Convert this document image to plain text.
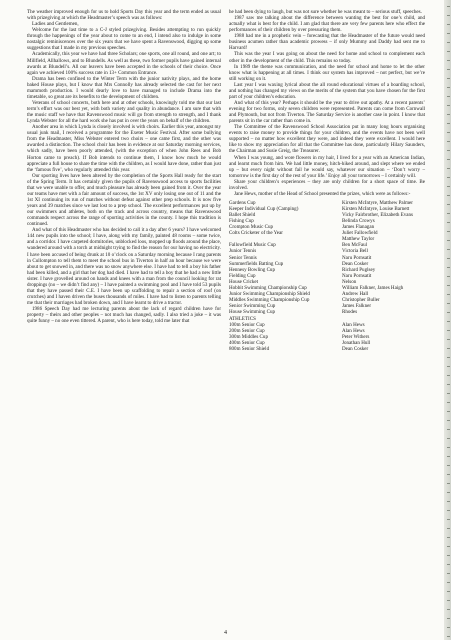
The weather improved enough for us to hold Sports Day this year and the term ended as usual with prizegiving at which the Headmaster’s speech was as follows:

Ladies and Gentlemen,

Welcome for the last time to a C-J styled prizegiving. Besides attempting to run quickly through the happenings of the year about to come to an end, I intend also to indulge in some nostalgic reminiscences over the six years that we have spent a Ravenswood, digging up some suggestions that I made in my previous speeches.

Academically, this year we have had three Scholars; one sports, one all round, and one art; to Millfield, Allhallows, and to Blundells. As well as these, two former pupils have gained internal awards at Blundell’s. All our leavers have been accepted in the schools of their choice. Once again we achieved 100% success rate in 13+ Common Entrance.

Drama has been confined to the Winter Term with the junior nativity plays, and the home baked House plays, but I know that Mrs Connolly has already selected the cast for her next mammoth production. I would dearly love to have managed to include Drama into the timetable, so great are its benefits to the development of children.

Veterans of school concerts, both here and at other schools, knowingly told me that our last term’s effort was our best yet, with both variety and quality in abundance. I am sure that with the music staff we have that Ravenswood music will go from strength to strength, and I thank Lynda Webster for all the hard work she has put in over the years on behalf of the children.

Another area in which Lynda is closely involved is with choirs. Earlier this year, amongst my usual junk mail, I received a programme for the Exeter Music Festival. After some bullying from the Headmaster, Miss Webster entered two choirs – one came first, and the other was awarded a distinction. The school choir has been in evidence at our Saturday morning services, which sadly, have been poorly attended, (with the exception of when John Rees and Bob Horton came to preach). If Bob intends to continue them, I know how much he would appreciate a full house to share the time with the children, as I would have done, rather than just the ‘famous five’, who regularly attended this year.

Our sporting lives have been altered by the completion of the Sports Hall ready for the start of the Spring Term. It has certainly given the pupils of Ravenswood access to sports facilities that we were unable to offer, and much pleasure has already been gained from it. Over the year our teams have met with a fair amount of success, the 1st XV only losing one out of 11 and the 1st XI continuing its run of matches without defeat against other prep schools. It is now five years and 39 matches since we last lost to a prep school. The excellent performances put up by our swimmers and athletes, both on the track and across country, means that Ravenswood commands respect across the range of sporting activities in the county. I hope this tradition is continued.

And what of this Headmaster who has decided to call it a day after 6 years? I have welcomed 144 new pupils into the school; I have, along with my family, painted 48 rooms – some twice, and a corridor. I have carpeted dormitories, unblocked loos, mopped up floods around the place, wandered around with a torch at midnight trying to find the reason for our having no electricity. I have been accused of being drunk at 10 o’clock on a Saturday morning because I rang parents in Cullompton to tell them to meet the school bus in Tiverton in half an hour because we were about to get snowed in, and there was no snow anywhere else. I have had to tell a boy his father had been killed, and a girl that her dog had died. I have had to tell a boy that he had a new little sister. I have grovelled around on hands and knees with a man from the council looking for rat droppings (no – we didn’t find any) – I have painted a swimming pool and I have told 53 pupils that they have passed their C.E. I have been up scaffolding to repair a section of roof (on crutches) and I haven driven the buses thousands of miles. I have had to listen to parents telling me that their marriages had broken down, and I have learnt to drive a tractor.

1986 Speech Day had me lecturing parents about the lack of regard children have for property – theirs and other peoples – not much has changed, sadly. I also tried a joke – it was quite funny – no one even tittered. A parent, who is here today, told me later that

he had been dying to laugh, but was not sure whether he was meant to – serious stuff, speeches.

1987 saw me talking about the difference between wanting the best for one’s child, and actually what is best for the child. I am glad that there are very few parents here who effect the performances of their children by over pressuring them.

1988 had me in a prophetic vein – forecasting that the Headmaster of the future would need business acumen rather than academic prowess – if only Mummy and Daddy had sent me to Harvard!

This was the year I was going on about the need for home and school to complement each other in the development of the child. This remains so today.

In 1989 the theme was communication, and the need for school and home to let the other know what is happening at all times. I think our system has improved – not perfect, but we’re still working on it.

Last year I was waxing lyrical about the all round educational virtues of a boarding school, and nothing has changed my views on the merits of the system that you have chosen for the first part of your children’s education.

And what of this year? Perhaps it should be the year to drive out apathy. At a recent parents’ evening for two forms, only seven children were represented. Parents can come from Cornwall and Plymouth, but not from Tiverton. The Saturday Service is another case in point. I know that parents sit in the car rather than come in.

The Committee of the Ravenswood School Association put in many long hours organising events to raise money to provide things for your children, and the events have not been well supported – no matter how excellent they were, and indeed they were excellent. I would here like to show my appreciation for all that the Committee has done, particularly Hilary Saunders, the Chairman and Susie Greig, the Treasurer.

When I was young, and wore flowers in my hair, I lived for a year with an American Indian, and learnt much from him. We had little money, hitch-hiked around, and slept where we ended up – but every night without fail he would say, whatever our situation – ‘Don’t worry – tomorrow is the first day of the rest of your life.’ Enjoy all your tomorrows – I certainly will.

Share your children’s experiences – they are only children for a short space of time. Be involved.

Jane Hews, mother of the Head of School presented the prizes, which were as follows:-

Gardens Cup	Kirsten McIntyre, Matthew Palmer
Keeper Individual Cup (Camping)	Kirsten McIntyre, Louise Barnett
Ballet Shield	Vicky Fairbrother, Elizabeth Evans
Fishing Cup	Belinda Crowys
Crompton Music Cup	James Flanagan
Colts Cricketer of the Year	Juliet Fallowfield
Matthew Taylor
Fallowfield Music Cup	Ben McFaul
Junior Tennis	Victoria Bell
Senior Tennis	Naru Pornsatit
Summerfields Batting Cup	Dean Cosker
Hennesy Bowling Cup	Richard Puglsey
Fielding Cup	Naru Pornsatit
House Cricket	Nelson
Hobbit Swimming Championship Cup	William Falkner, James Haigh
Junior Swimming Championship Shield	Andrew Hall
Middles Swimming Championship Cup	Christopher Buller
Senior Swimming Cup	James Falkner
House Swimming Cup	Rhodes
ATHLETICS
100m Senior Cup	Alan Hews
200m Senior Cup	Alan Hews
300m Middles Cup	Peter Withers
400m Senior Cup	Jonathan Hull
800m Senior Shield	Dean Cosker
4
